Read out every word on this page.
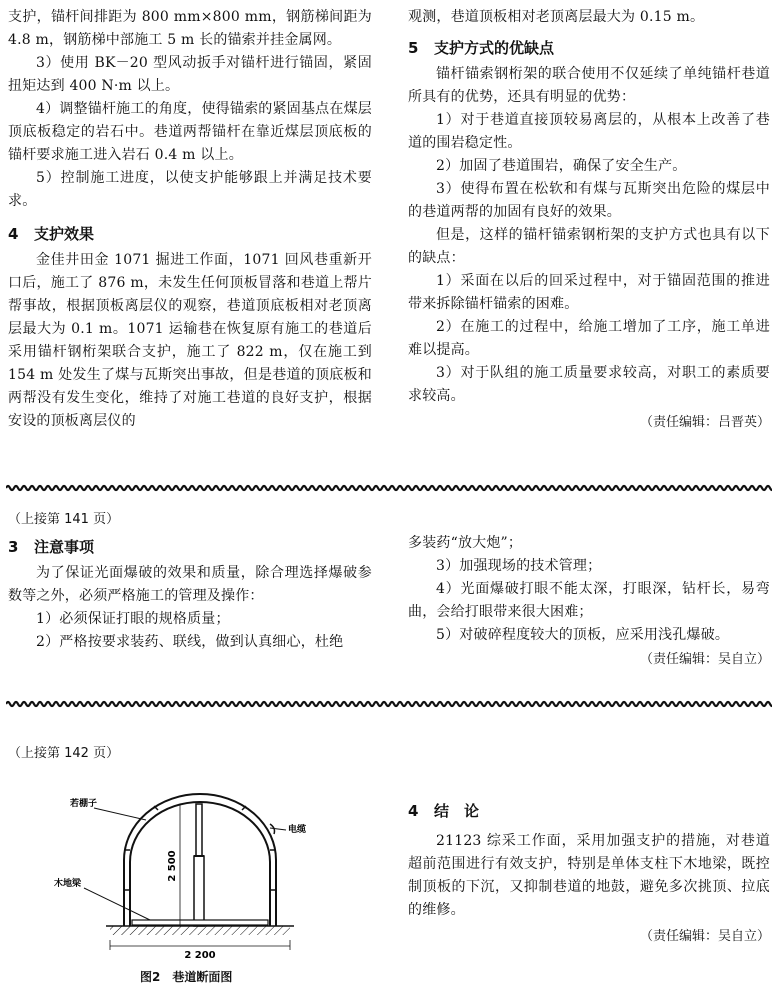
支护，锚杆间排距为 800 mm×800 mm，钢筋梯间距为 4.8 m，钢筋梯中部施工 5 m 长的锚索并挂金属网。

3）使用 BK－20 型风动扳手对锚杆进行锚固，紧固扭矩达到 400 N·m 以上。

4）调整锚杆施工的角度，使得锚索的紧固基点在煤层顶底板稳定的岩石中。巷道两帮锚杆在靠近煤层顶底板的锚杆要求施工进入岩石 0.4 m 以上。

5）控制施工进度，以使支护能够跟上并满足技术要求。

4 支护效果

金佳井田金 1071 掘进工作面，1071 回风巷重新开口后，施工了 876 m，未发生任何顶板冒落和巷道上帮片帮事故，根据顶板离层仪的观察，巷道顶底板相对老顶离层最大为 0.1 m。1071 运输巷在恢复原有施工的巷道后采用锚杆钢桁架联合支护，施工了 822 m，仅在施工到 154 m 处发生了煤与瓦斯突出事故，但是巷道的顶底板和两帮没有发生变化，维持了对施工巷道的良好支护，根据安设的顶板离层仪的

观测，巷道顶板相对老顶离层最大为 0.15 m。

5 支护方式的优缺点

锚杆锚索钢桁架的联合使用不仅延续了单纯锚杆巷道所具有的优势，还具有明显的优势：

1）对于巷道直接顶较易离层的，从根本上改善了巷道的围岩稳定性。

2）加固了巷道围岩，确保了安全生产。

3）使得布置在松软和有煤与瓦斯突出危险的煤层中的巷道两帮的加固有良好的效果。

但是，这样的锚杆锚索钢桁架的支护方式也具有以下的缺点：

1）采面在以后的回采过程中，对于锚固范围的推进带来拆除锚杆锚索的困难。

2）在施工的过程中，给施工增加了工序，施工单进难以提高。

3）对于队组的施工质量要求较高，对职工的素质要求较高。

（责任编辑：吕晋英）

（上接第 141 页）

3 注意事项

为了保证光面爆破的效果和质量，除合理选择爆破参数等之外，必须严格施工的管理及操作：

1）必须保证打眼的规格质量；

2）严格按要求装药、联线，做到认真细心，杜绝

多装药“放大炮”；

3）加强现场的技术管理；

4）光面爆破打眼不能太深，打眼深，钻杆长，易弯曲，会给打眼带来很大困难；

5）对破碎程度较大的顶板，应采用浅孔爆破。

（责任编辑：吴自立）

（上接第 142 页）

若棚子
电缆
木地梁
2 500
2 200
图2　巷道断面图

4 结　论

21123 综采工作面，采用加强支护的措施，对巷道超前范围进行有效支护，特别是单体支柱下木地梁，既控制顶板的下沉，又抑制巷道的地鼓，避免多次挑顶、拉底的维修。

（责任编辑：吴自立）
